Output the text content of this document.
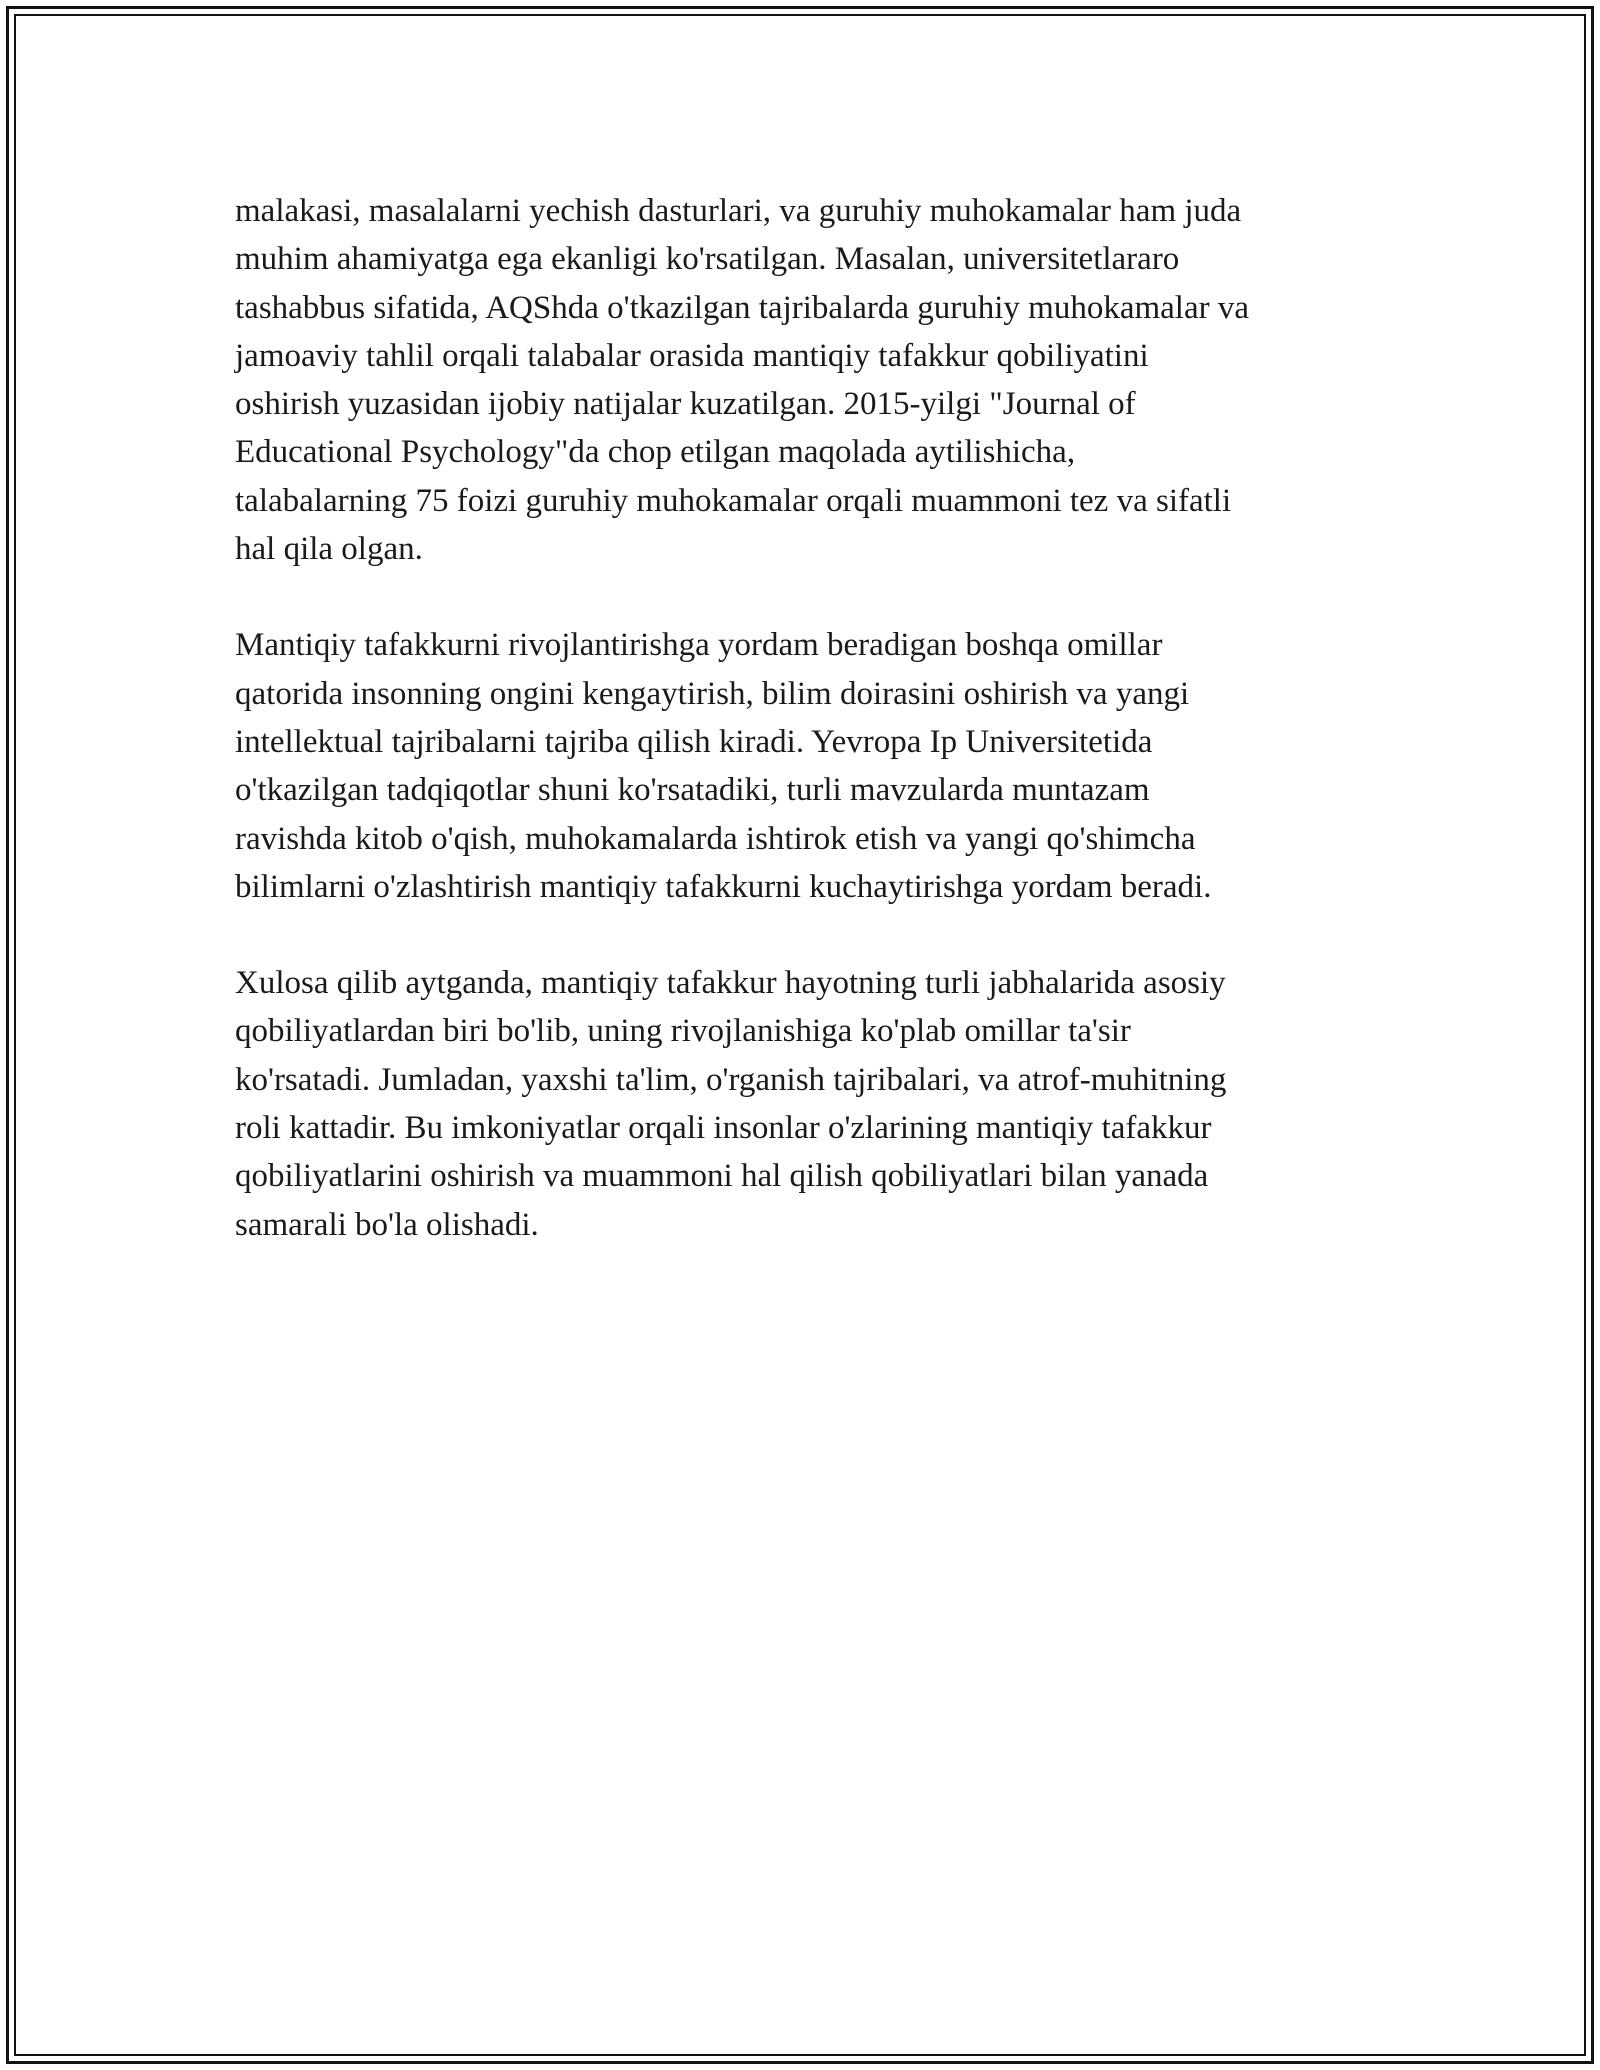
malakasi, masalalarni yechish dasturlari, va guruhiy muhokamalar ham juda
muhim ahamiyatga ega ekanligi ko'rsatilgan. Masalan, universitetlararo
tashabbus sifatida, AQShda o'tkazilgan tajribalarda guruhiy muhokamalar va
jamoaviy tahlil orqali talabalar orasida mantiqiy tafakkur qobiliyatini
oshirish yuzasidan ijobiy natijalar kuzatilgan. 2015-yilgi "Journal of
Educational Psychology"da chop etilgan maqolada aytilishicha,
talabalarning 75 foizi guruhiy muhokamalar orqali muammoni tez va sifatli
hal qila olgan.

Mantiqiy tafakkurni rivojlantirishga yordam beradigan boshqa omillar
qatorida insonning ongini kengaytirish, bilim doirasini oshirish va yangi
intellektual tajribalarni tajriba qilish kiradi. Yevropa Ip Universitetida
o'tkazilgan tadqiqotlar shuni ko'rsatadiki, turli mavzularda muntazam
ravishda kitob o'qish, muhokamalarda ishtirok etish va yangi qo'shimcha
bilimlarni o'zlashtirish mantiqiy tafakkurni kuchaytirishga yordam beradi.

Xulosa qilib aytganda, mantiqiy tafakkur hayotning turli jabhalarida asosiy
qobiliyatlardan biri bo'lib, uning rivojlanishiga ko'plab omillar ta'sir
ko'rsatadi. Jumladan, yaxshi ta'lim, o'rganish tajribalari, va atrof-muhitning
roli kattadir. Bu imkoniyatlar orqali insonlar o'zlarining mantiqiy tafakkur
qobiliyatlarini oshirish va muammoni hal qilish qobiliyatlari bilan yanada
samarali bo'la olishadi.
